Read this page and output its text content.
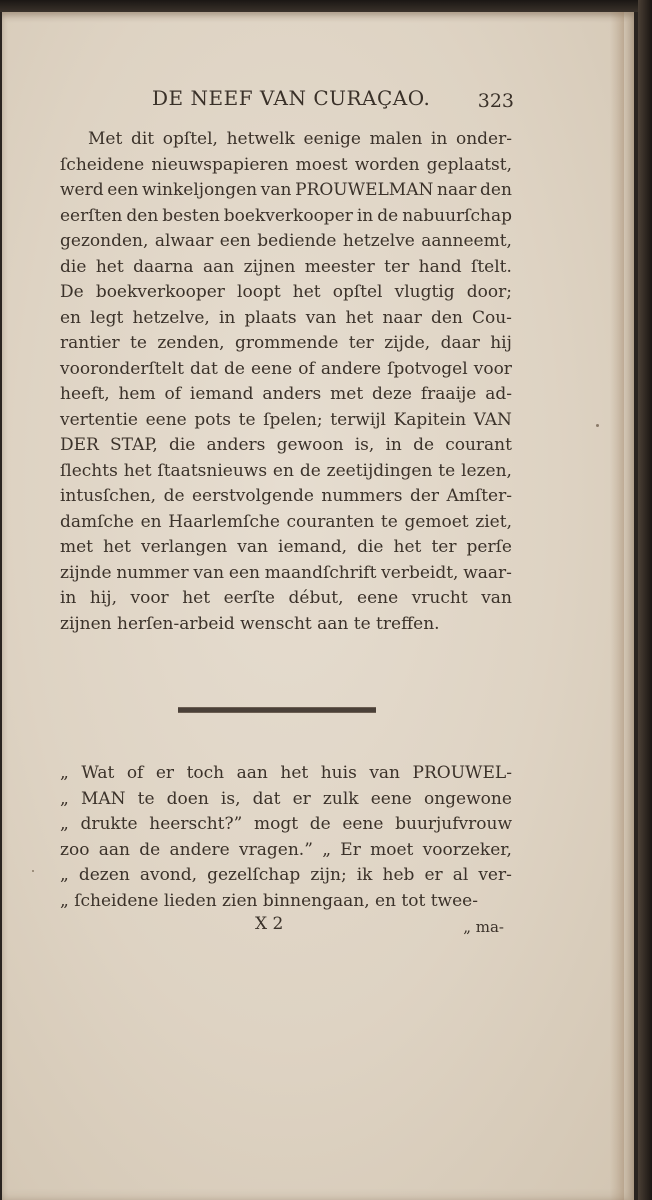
DE NEEF VAN CURAÇAO. 323
Met dit opſtel, hetwelk eenige malen in onder-
ſcheidene nieuwspapieren moest worden geplaatst,
werd een winkeljongen van PROUWELMAN naar den
eerſten den besten boekverkooper in de nabuurſchap
gezonden, alwaar een bediende hetzelve aanneemt,
die het daarna aan zijnen meester ter hand ſtelt.
De boekverkooper loopt het opſtel vlugtig door;
en legt hetzelve, in plaats van het naar den Cou-
rantier te zenden, grommende ter zijde, daar hij
vooronderſtelt dat de eene of andere ſpotvogel voor
heeft, hem of iemand anders met deze fraaije ad-
vertentie eene pots te ſpelen; terwijl Kapitein VAN
DER STAP, die anders gewoon is, in de courant
ſlechts het ſtaatsnieuws en de zeetijdingen te lezen,
intusſchen, de eerstvolgende nummers der Amſter-
damſche en Haarlemſche couranten te gemoet ziet,
met het verlangen van iemand, die het ter perſe
zijnde nummer van een maandſchrift verbeidt, waar-
in hij, voor het eerſte début, eene vrucht van
zijnen herſen-arbeid wenscht aan te treffen.
„ Wat of er toch aan het huis van PROUWEL-
„ MAN te doen is, dat er zulk eene ongewone
„ drukte heerscht?” mogt de eene buurjufvrouw
zoo aan de andere vragen.” „ Er moet voorzeker,
„ dezen avond, gezelſchap zijn; ik heb er al ver-
„ ſcheidene lieden zien binnengaan, en tot twee-
X 2	„ ma-
